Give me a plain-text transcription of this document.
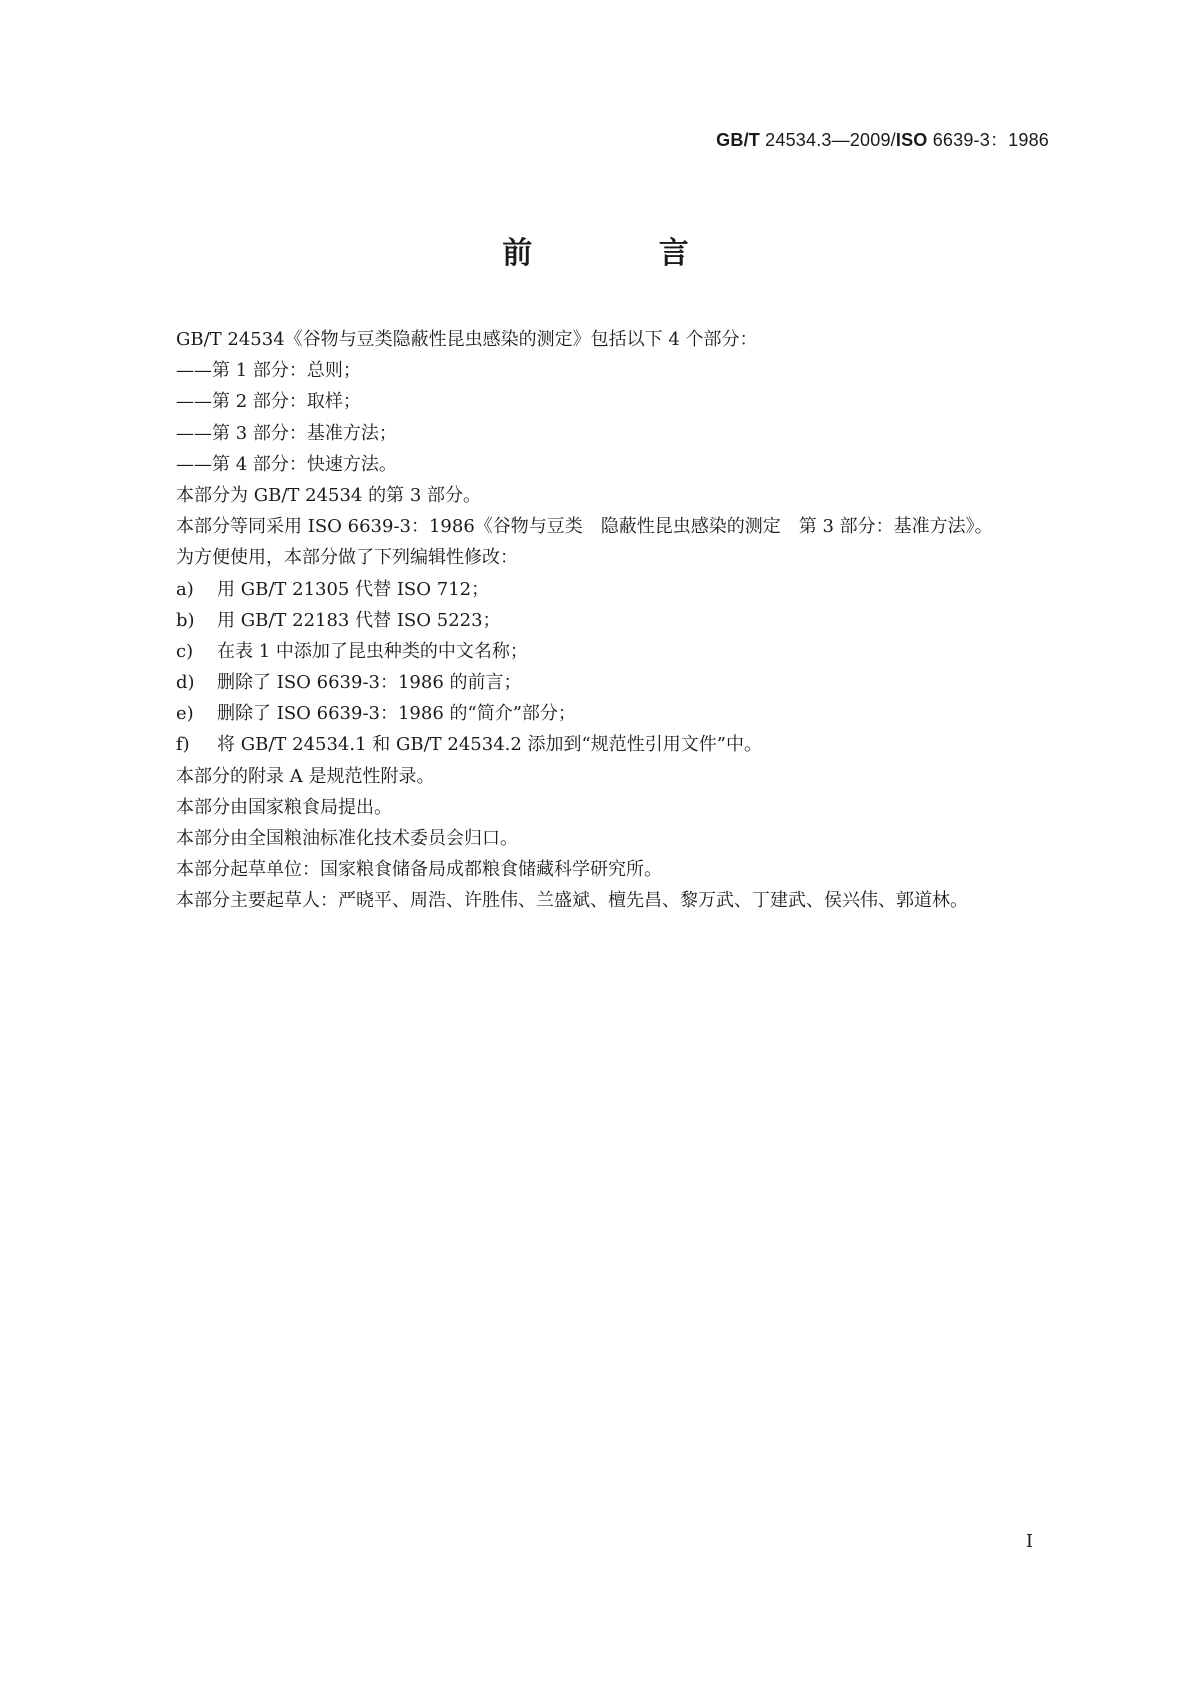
GB/T 24534.3—2009/ISO 6639-3：1986
前 言
GB/T 24534《谷物与豆类隐蔽性昆虫感染的测定》包括以下 4 个部分：
——第 1 部分：总则；
——第 2 部分：取样；
——第 3 部分：基准方法；
——第 4 部分：快速方法。
本部分为 GB/T 24534 的第 3 部分。
本部分等同采用 ISO 6639-3：1986《谷物与豆类　隐蔽性昆虫感染的测定　第 3 部分：基准方法》。
为方便使用，本部分做了下列编辑性修改：
a)	用 GB/T 21305 代替 ISO 712；
b)	用 GB/T 22183 代替 ISO 5223；
c)	在表 1 中添加了昆虫种类的中文名称；
d)	删除了 ISO 6639-3：1986 的前言；
e)	删除了 ISO 6639-3：1986 的“简介”部分；
f)	将 GB/T 24534.1 和 GB/T 24534.2 添加到“规范性引用文件”中。
本部分的附录 A 是规范性附录。
本部分由国家粮食局提出。
本部分由全国粮油标准化技术委员会归口。
本部分起草单位：国家粮食储备局成都粮食储藏科学研究所。
本部分主要起草人：严晓平、周浩、许胜伟、兰盛斌、檀先昌、黎万武、丁建武、侯兴伟、郭道林。
I
